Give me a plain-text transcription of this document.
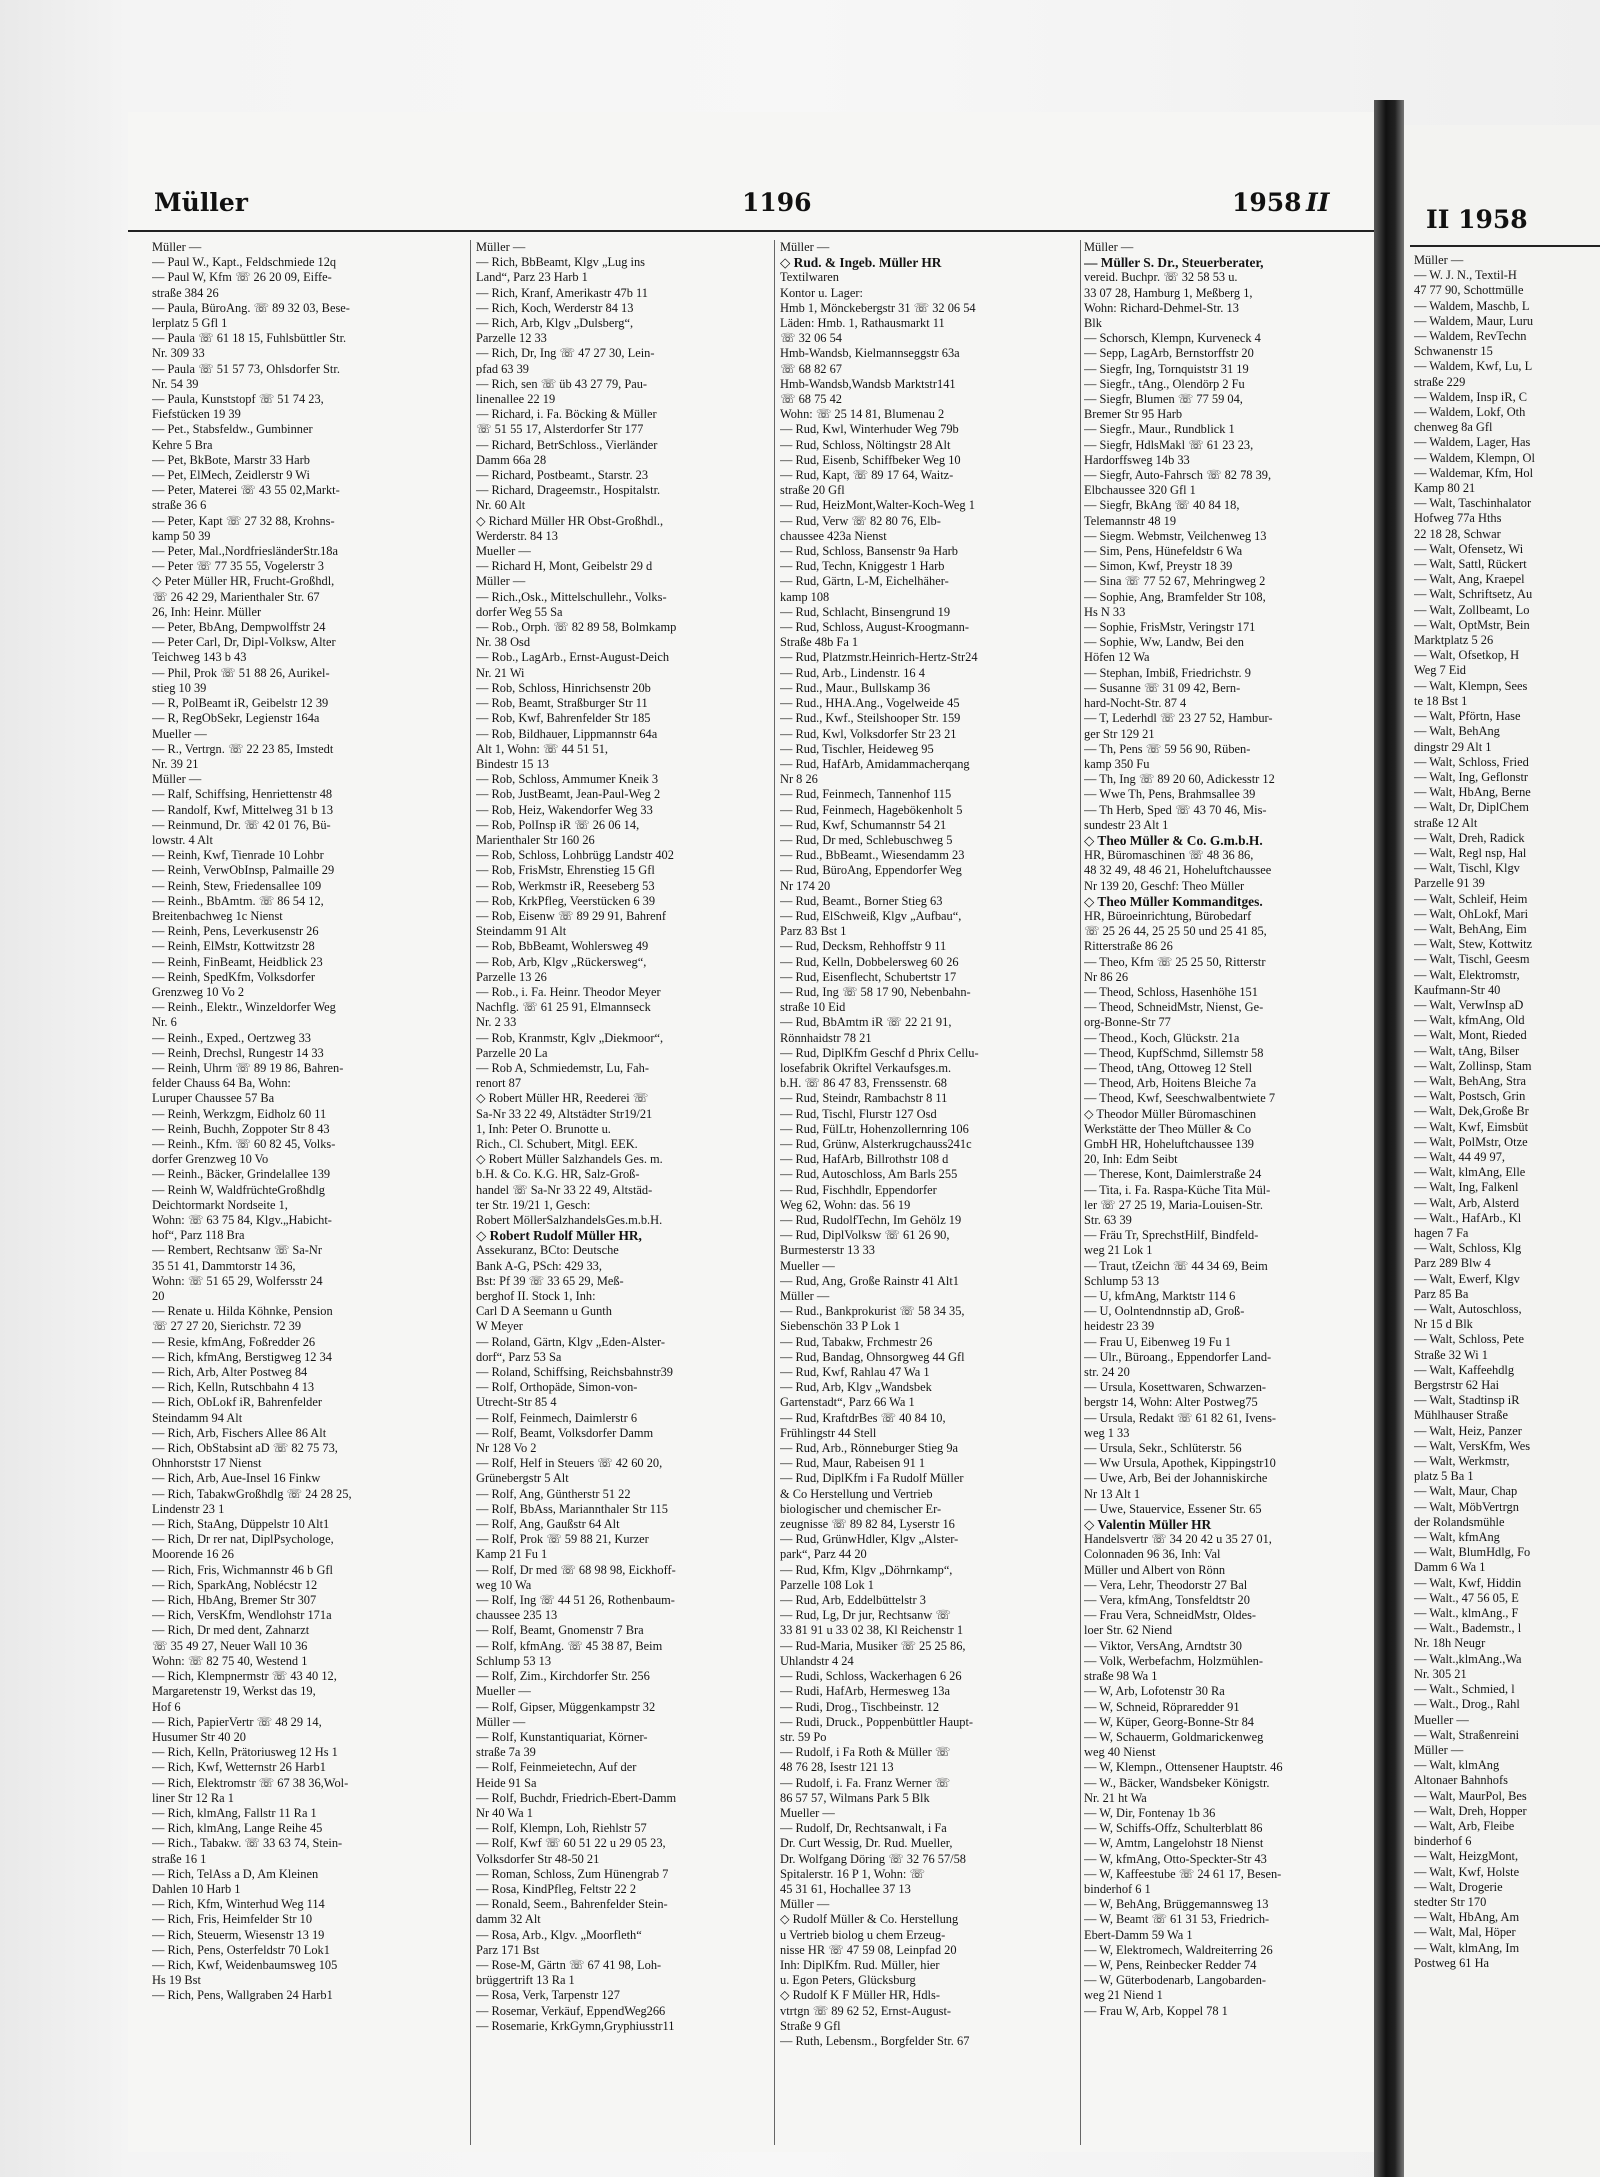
Müller	1196	1958 II
Müller —
— Paul W., Kapt., Feldschmiede 12q
— Paul W, Kfm ☏ 26 20 09, Eiffe-
straße 384 26
— Paula, BüroAng. ☏ 89 32 03, Bese-
lerplatz 5 Gfl 1
— Paula ☏ 61 18 15, Fuhlsbüttler Str.
Nr. 309 33
— Paula ☏ 51 57 73, Ohlsdorfer Str.
Nr. 54 39
— Paula, Kunststopf ☏ 51 74 23,
Fiefstücken 19 39
— Pet., Stabsfeldw., Gumbinner
Kehre 5 Bra
— Pet, BkBote, Marstr 33 Harb
— Pet, ElMech, Zeidlerstr 9 Wi
— Peter, Materei ☏ 43 55 02,Markt-
straße 36 6
— Peter, Kapt ☏ 27 32 88, Krohns-
kamp 50 39
— Peter, Mal.,NordfriesländerStr.18a
— Peter ☏ 77 35 55, Vogelerstr 3
◇ Peter Müller HR, Frucht-Großhdl,
☏ 26 42 29, Marienthaler Str. 67
26, Inh: Heinr. Müller
— Peter, BbAng, Dempwolffstr 24
— Peter Carl, Dr, Dipl-Volksw, Alter
Teichweg 143 b 43
— Phil, Prok ☏ 51 88 26, Aurikel-
stieg 10 39
— R, PolBeamt iR, Geibelstr 12 39
— R, RegObSekr, Legienstr 164a
Mueller —
— R., Vertrgn. ☏ 22 23 85, Imstedt
Nr. 39 21
Müller —
— Ralf, Schiffsing, Henriettenstr 48
— Randolf, Kwf, Mittelweg 31 b 13
— Reinmund, Dr. ☏ 42 01 76, Bü-
lowstr. 4 Alt
— Reinh, Kwf, Tienrade 10 Lohbr
— Reinh, VerwObInsp, Palmaille 29
— Reinh, Stew, Friedensallee 109
— Reinh., BbAmtm. ☏ 86 54 12,
Breitenbachweg 1c Nienst
— Reinh, Pens, Leverkusenstr 26
— Reinh, ElMstr, Kottwitzstr 28
— Reinh, FinBeamt, Heidblick 23
— Reinh, SpedKfm, Volksdorfer
Grenzweg 10 Vo 2
— Reinh., Elektr., Winzeldorfer Weg
Nr. 6
— Reinh., Exped., Oertzweg 33
— Reinh, Drechsl, Rungestr 14 33
— Reinh, Uhrm ☏ 89 19 86, Bahren-
felder Chauss 64 Ba, Wohn:
Luruper Chaussee 57 Ba
— Reinh, Werkzgm, Eidholz 60 11
— Reinh, Buchh, Zoppoter Str 8 43
— Reinh., Kfm. ☏ 60 82 45, Volks-
dorfer Grenzweg 10 Vo
— Reinh., Bäcker, Grindelallee 139
— Reinh W, WaldfrüchteGroßhdlg
Deichtormarkt Nordseite 1,
Wohn: ☏ 63 75 84, Klgv.„Habicht-
hof“, Parz 118 Bra
— Rembert, Rechtsanw ☏ Sa-Nr
35 51 41, Dammtorstr 14 36,
Wohn: ☏ 51 65 29, Wolfersstr 24
20
— Renate u. Hilda Köhnke, Pension
☏ 27 27 20, Sierichstr. 72 39
— Resie, kfmAng, Foßredder 26
— Rich, kfmAng, Berstigweg 12 34
— Rich, Arb, Alter Postweg 84
— Rich, Kelln, Rutschbahn 4 13
— Rich, ObLokf iR, Bahrenfelder
Steindamm 94 Alt
— Rich, Arb, Fischers Allee 86 Alt
— Rich, ObStabsint aD ☏ 82 75 73,
Ohnhorststr 17 Nienst
— Rich, Arb, Aue-Insel 16 Finkw
— Rich, TabakwGroßhdlg ☏ 24 28 25,
Lindenstr 23 1
— Rich, StaAng, Düppelstr 10 Alt1
— Rich, Dr rer nat, DiplPsychologe,
Moorende 16 26
— Rich, Fris, Wichmannstr 46 b Gfl
— Rich, SparkAng, Noblécstr 12
— Rich, HbAng, Bremer Str 307
— Rich, VersKfm, Wendlohstr 171a
— Rich, Dr med dent, Zahnarzt
☏ 35 49 27, Neuer Wall 10 36
Wohn: ☏ 82 75 40, Westend 1
— Rich, Klempnermstr ☏ 43 40 12,
Margaretenstr 19, Werkst das 19,
Hof 6
— Rich, PapierVertr ☏ 48 29 14,
Husumer Str 40 20
— Rich, Kelln, Prätoriusweg 12 Hs 1
— Rich, Kwf, Wetternstr 26 Harb1
— Rich, Elektromstr ☏ 67 38 36,Wol-
liner Str 12 Ra 1
— Rich, klmAng, Fallstr 11 Ra 1
— Rich, klmAng, Lange Reihe 45
— Rich., Tabakw. ☏ 33 63 74, Stein-
straße 16 1
— Rich, TelAss a D, Am Kleinen
Dahlen 10 Harb 1
— Rich, Kfm, Winterhud Weg 114
— Rich, Fris, Heimfelder Str 10
— Rich, Steuerm, Wiesenstr 13 19
— Rich, Pens, Osterfeldstr 70 Lok1
— Rich, Kwf, Weidenbaumsweg 105
Hs 19 Bst
— Rich, Pens, Wallgraben 24 Harb1
Müller —
— Rich, BbBeamt, Klgv „Lug ins
Land“, Parz 23 Harb 1
— Rich, Kranf, Amerikastr 47b 11
— Rich, Koch, Werderstr 84 13
— Rich, Arb, Klgv „Dulsberg“,
Parzelle 12 33
— Rich, Dr, Ing ☏ 47 27 30, Lein-
pfad 63 39
— Rich, sen ☏ üb 43 27 79, Pau-
linenallee 22 19
— Richard, i. Fa. Böcking & Müller
☏ 51 55 17, Alsterdorfer Str 177
— Richard, BetrSchloss., Vierländer
Damm 66a 28
— Richard, Postbeamt., Starstr. 23
— Richard, Drageemstr., Hospitalstr.
Nr. 60 Alt
◇ Richard Müller HR Obst-Großhdl.,
Werderstr. 84 13
Mueller —
— Richard H, Mont, Geibelstr 29 d
Müller —
— Rich.,Osk., Mittelschullehr., Volks-
dorfer Weg 55 Sa
— Rob., Orph. ☏ 82 89 58, Bolmkamp
Nr. 38 Osd
— Rob., LagArb., Ernst-August-Deich
Nr. 21 Wi
— Rob, Schloss, Hinrichsenstr 20b
— Rob, Beamt, Straßburger Str 11
— Rob, Kwf, Bahrenfelder Str 185
— Rob, Bildhauer, Lippmannstr 64a
Alt 1, Wohn: ☏ 44 51 51,
Bindestr 15 13
— Rob, Schloss, Ammumer Kneik 3
— Rob, JustBeamt, Jean-Paul-Weg 2
— Rob, Heiz, Wakendorfer Weg 33
— Rob, PolInsp iR ☏ 26 06 14,
Marienthaler Str 160 26
— Rob, Schloss, Lohbrügg Landstr 402
— Rob, FrisMstr, Ehrenstieg 15 Gfl
— Rob, Werkmstr iR, Reeseberg 53
— Rob, KrkPfleg, Veerstücken 6 39
— Rob, Eisenw ☏ 89 29 91, Bahrenf
Steindamm 91 Alt
— Rob, BbBeamt, Wohlersweg 49
— Rob, Arb, Klgv „Rückersweg“,
Parzelle 13 26
— Rob., i. Fa. Heinr. Theodor Meyer
Nachflg. ☏ 61 25 91, Elmannseck
Nr. 2 33
— Rob, Kranmstr, Kglv „Diekmoor“,
Parzelle 20 La
— Rob A, Schmiedemstr, Lu, Fah-
renort 87
◇ Robert Müller HR, Reederei ☏
Sa-Nr 33 22 49, Altstädter Str19/21
1, Inh: Peter O. Brunotte u.
Rich., Cl. Schubert, Mitgl. EEK.
◇ Robert Müller Salzhandels Ges. m.
b.H. & Co. K.G. HR, Salz-Groß-
handel ☏ Sa-Nr 33 22 49, Altstäd-
ter Str. 19/21 1, Gesch:
Robert MöllerSalzhandelsGes.m.b.H.
◇ Robert Rudolf Müller HR,
Assekuranz, BCto: Deutsche
Bank A-G, PSch: 429 33,
Bst: Pf 39 ☏ 33 65 29, Meß-
berghof II. Stock 1, Inh:
Carl D A Seemann u Gunth
W Meyer
— Roland, Gärtn, Klgv „Eden-Alster-
dorf“, Parz 53 Sa
— Roland, Schiffsing, Reichsbahnstr39
— Rolf, Orthopäde, Simon-von-
Utrecht-Str 85 4
— Rolf, Feinmech, Daimlerstr 6
— Rolf, Beamt, Volksdorfer Damm
Nr 128 Vo 2
— Rolf, Helf in Steuers ☏ 42 60 20,
Grünebergstr 5 Alt
— Rolf, Ang, Güntherstr 51 22
— Rolf, BbAss, Mariannthaler Str 115
— Rolf, Ang, Gaußstr 64 Alt
— Rolf, Prok ☏ 59 88 21, Kurzer
Kamp 21 Fu 1
— Rolf, Dr med ☏ 68 98 98, Eickhoff-
weg 10 Wa
— Rolf, Ing ☏ 44 51 26, Rothenbaum-
chaussee 235 13
— Rolf, Beamt, Gnomenstr 7 Bra
— Rolf, kfmAng. ☏ 45 38 87, Beim
Schlump 53 13
— Rolf, Zim., Kirchdorfer Str. 256
Mueller —
— Rolf, Gipser, Müggenkampstr 32
Müller —
— Rolf, Kunstantiquariat, Körner-
straße 7a 39
— Rolf, Feinmeietechn, Auf der
Heide 91 Sa
— Rolf, Buchdr, Friedrich-Ebert-Damm
Nr 40 Wa 1
— Rolf, Klempn, Loh, Riehlstr 57
— Rolf, Kwf ☏ 60 51 22 u 29 05 23,
Volksdorfer Str 48-50 21
— Roman, Schloss, Zum Hünengrab 7
— Rosa, KindPfleg, Feltstr 22 2
— Ronald, Seem., Bahrenfelder Stein-
damm 32 Alt
— Rosa, Arb., Klgv. „Moorfleth“
Parz 171 Bst
— Rose-M, Gärtn ☏ 67 41 98, Loh-
brüggertrift 13 Ra 1
— Rosa, Verk, Tarpenstr 127
— Rosemar, Verkäuf, EppendWeg266
— Rosemarie, KrkGymn,Gryphiusstr11
Müller —
◇ Rud. & Ingeb. Müller HR
Textilwaren
Kontor u. Lager:
Hmb 1, Mönckebergstr 31 ☏ 32 06 54
Läden: Hmb. 1, Rathausmarkt 11
☏ 32 06 54
Hmb-Wandsb, Kielmannseggstr 63a
☏ 68 82 67
Hmb-Wandsb,Wandsb Marktstr141
☏ 68 75 42
Wohn: ☏ 25 14 81, Blumenau 2
— Rud, Kwl, Winterhuder Weg 79b
— Rud, Schloss, Nöltingstr 28 Alt
— Rud, Eisenb, Schiffbeker Weg 10
— Rud, Kapt, ☏ 89 17 64, Waitz-
straße 20 Gfl
— Rud, HeizMont,Walter-Koch-Weg 1
— Rud, Verw ☏ 82 80 76, Elb-
chaussee 423a Nienst
— Rud, Schloss, Bansenstr 9a Harb
— Rud, Techn, Kniggestr 1 Harb
— Rud, Gärtn, L-M, Eichelhäher-
kamp 108
— Rud, Schlacht, Binsengrund 19
— Rud, Schloss, August-Kroogmann-
Straße 48b Fa 1
— Rud, Platzmstr.Heinrich-Hertz-Str24
— Rud, Arb., Lindenstr. 16 4
— Rud., Maur., Bullskamp 36
— Rud., HHA.Ang., Vogelweide 45
— Rud., Kwf., Steilshooper Str. 159
— Rud, Kwl, Volksdorfer Str 23 21
— Rud, Tischler, Heideweg 95
— Rud, HafArb, Amidammacherqang
Nr 8 26
— Rud, Feinmech, Tannenhof 115
— Rud, Feinmech, Hagebökenholt 5
— Rud, Kwf, Schumannstr 54 21
— Rud, Dr med, Schlebuschweg 5
— Rud., BbBeamt., Wiesendamm 23
— Rud, BüroAng, Eppendorfer Weg
Nr 174 20
— Rud, Beamt., Borner Stieg 63
— Rud, ElSchweiß, Klgv „Aufbau“,
Parz 83 Bst 1
— Rud, Decksm, Rehhoffstr 9 11
— Rud, Kelln, Dobbelersweg 60 26
— Rud, Eisenflecht, Schubertstr 17
— Rud, Ing ☏ 58 17 90, Nebenbahn-
straße 10 Eid
— Rud, BbAmtm iR ☏ 22 21 91,
Rönnhaidstr 78 21
— Rud, DiplKfm Geschf d Phrix Cellu-
losefabrik Okriftel Verkaufsges.m.
b.H. ☏ 86 47 83, Frenssenstr. 68
— Rud, Steindr, Rambachstr 8 11
— Rud, Tischl, Flurstr 127 Osd
— Rud, FülLtr, Hohenzollernring 106
— Rud, Grünw, Alsterkrugchauss241c
— Rud, HafArb, Billrothstr 108 d
— Rud, Autoschloss, Am Barls 255
— Rud, Fischhdlr, Eppendorfer
Weg 62, Wohn: das. 56 19
— Rud, RudolfTechn, Im Gehölz 19
— Rud, DiplVolksw ☏ 61 26 90,
Burmesterstr 13 33
Mueller —
— Rud, Ang, Große Rainstr 41 Alt1
Müller —
— Rud., Bankprokurist ☏ 58 34 35,
Siebenschön 33 P Lok 1
— Rud, Tabakw, Frchmestr 26
— Rud, Bandag, Ohnsorgweg 44 Gfl
— Rud, Kwf, Rahlau 47 Wa 1
— Rud, Arb, Klgv „Wandsbek
Gartenstadt“, Parz 66 Wa 1
— Rud, KraftdrBes ☏ 40 84 10,
Frühlingstr 44 Stell
— Rud, Arb., Rönneburger Stieg 9a
— Rud, Maur, Rabeisen 91 1
— Rud, DiplKfm i Fa Rudolf Müller
& Co Herstellung und Vertrieb
biologischer und chemischer Er-
zeugnisse ☏ 89 82 84, Lyserstr 16
— Rud, GrünwHdler, Klgv „Alster-
park“, Parz 44 20
— Rud, Kfm, Klgv „Döhrnkamp“,
Parzelle 108 Lok 1
— Rud, Arb, Eddelbüttelstr 3
— Rud, Lg, Dr jur, Rechtsanw ☏
33 81 91 u 33 02 38, Kl Reichenstr 1
— Rud-Maria, Musiker ☏ 25 25 86,
Uhlandstr 4 24
— Rudi, Schloss, Wackerhagen 6 26
— Rudi, HafArb, Hermesweg 13a
— Rudi, Drog., Tischbeinstr. 12
— Rudi, Druck., Poppenbüttler Haupt-
str. 59 Po
— Rudolf, i Fa Roth & Müller ☏
48 76 28, Isestr 121 13
— Rudolf, i. Fa. Franz Werner ☏
86 57 57, Wilmans Park 5 Blk
Mueller —
— Rudolf, Dr, Rechtsanwalt, i Fa
Dr. Curt Wessig, Dr. Rud. Mueller,
Dr. Wolfgang Döring ☏ 32 76 57/58
Spitalerstr. 16 P 1, Wohn: ☏
45 31 61, Hochallee 37 13
Müller —
◇ Rudolf Müller & Co. Herstellung
u Vertrieb biolog u chem Erzeug-
nisse HR ☏ 47 59 08, Leinpfad 20
Inh: DiplKfm. Rud. Müller, hier
u. Egon Peters, Glücksburg
◇ Rudolf K F Müller HR, Hdls-
vtrtgn ☏ 89 62 52, Ernst-August-
Straße 9 Gfl
— Ruth, Lebensm., Borgfelder Str. 67
Müller —
— Müller S. Dr., Steuerberater,
vereid. Buchpr. ☏ 32 58 53 u.
33 07 28, Hamburg 1, Meßberg 1,
Wohn: Richard-Dehmel-Str. 13
Blk
— Schorsch, Klempn, Kurveneck 4
— Sepp, LagArb, Bernstorffstr 20
— Siegfr, Ing, Tornquiststr 31 19
— Siegfr., tAng., Olendörp 2 Fu
— Siegfr, Blumen ☏ 77 59 04,
Bremer Str 95 Harb
— Siegfr., Maur., Rundblick 1
— Siegfr, HdlsMakl ☏ 61 23 23,
Hardorffsweg 14b 33
— Siegfr, Auto-Fahrsch ☏ 82 78 39,
Elbchaussee 320 Gfl 1
— Siegfr, BkAng ☏ 40 84 18,
Telemannstr 48 19
— Siegm. Webmstr, Veilchenweg 13
— Sim, Pens, Hünefeldstr 6 Wa
— Simon, Kwf, Preystr 18 39
— Sina ☏ 77 52 67, Mehringweg 2
— Sophie, Ang, Bramfelder Str 108,
Hs N 33
— Sophie, FrisMstr, Veringstr 171
— Sophie, Ww, Landw, Bei den
Höfen 12 Wa
— Stephan, Imbiß, Friedrichstr. 9
— Susanne ☏ 31 09 42, Bern-
hard-Nocht-Str. 87 4
— T, Lederhdl ☏ 23 27 52, Hambur-
ger Str 129 21
— Th, Pens ☏ 59 56 90, Rüben-
kamp 350 Fu
— Th, Ing ☏ 89 20 60, Adickesstr 12
— Wwe Th, Pens, Brahmsallee 39
— Th Herb, Sped ☏ 43 70 46, Mis-
sundestr 23 Alt 1
◇ Theo Müller & Co. G.m.b.H.
HR, Büromaschinen ☏ 48 36 86,
48 32 49, 48 46 21, Hoheluftchaussee
Nr 139 20, Geschf: Theo Müller
◇ Theo Müller Kommanditges.
HR, Büroeinrichtung, Bürobedarf
☏ 25 26 44, 25 25 50 und 25 41 85,
Ritterstraße 86 26
— Theo, Kfm ☏ 25 25 50, Ritterstr
Nr 86 26
— Theod, Schloss, Hasenhöhe 151
— Theod, SchneidMstr, Nienst, Ge-
org-Bonne-Str 77
— Theod., Koch, Glückstr. 21a
— Theod, KupfSchmd, Sillemstr 58
— Theod, tAng, Ottoweg 12 Stell
— Theod, Arb, Hoitens Bleiche 7a
— Theod, Kwf, Seeschwalbentwiete 7
◇ Theodor Müller Büromaschinen
Werkstätte der Theo Müller & Co
GmbH HR, Hoheluftchaussee 139
20, Inh: Edm Seibt
— Therese, Kont, Daimlerstraße 24
— Tita, i. Fa. Raspa-Küche Tita Mül-
ler ☏ 27 25 19, Maria-Louisen-Str.
Str. 63 39
— Fräu Tr, SprechstHilf, Bindfeld-
weg 21 Lok 1
— Traut, tZeichn ☏ 44 34 69, Beim
Schlump 53 13
— U, kfmAng, Marktstr 114 6
— U, Oolntendnnstip aD, Groß-
heidestr 23 39
— Frau U, Eibenweg 19 Fu 1
— Ulr., Büroang., Eppendorfer Land-
str. 24 20
— Ursula, Kosettwaren, Schwarzen-
bergstr 14, Wohn: Alter Postweg75
— Ursula, Redakt ☏ 61 82 61, Ivens-
weg 1 33
— Ursula, Sekr., Schlüterstr. 56
— Ww Ursula, Apothek, Kippingstr10
— Uwe, Arb, Bei der Johanniskirche
Nr 13 Alt 1
— Uwe, Stauervice, Essener Str. 65
◇ Valentin Müller HR
Handelsvertr ☏ 34 20 42 u 35 27 01,
Colonnaden 96 36, Inh: Val
Müller und Albert von Rönn
— Vera, Lehr, Theodorstr 27 Bal
— Vera, kfmAng, Tonsfeldtstr 20
— Frau Vera, SchneidMstr, Oldes-
loer Str. 62 Niend
— Viktor, VersAng, Arndtstr 30
— Volk, Werbefachm, Holzmühlen-
straße 98 Wa 1
— W, Arb, Lofotenstr 30 Ra
— W, Schneid, Röpraredder 91
— W, Küper, Georg-Bonne-Str 84
— W, Schauerm, Goldmarickenweg
weg 40 Nienst
— W, Klempn., Ottensener Hauptstr. 46
— W., Bäcker, Wandsbeker Königstr.
Nr. 21 ht Wa
— W, Dir, Fontenay 1b 36
— W, Schiffs-Offz, Schulterblatt 86
— W, Amtm, Langelohstr 18 Nienst
— W, kfmAng, Otto-Speckter-Str 43
— W, Kaffeestube ☏ 24 61 17, Besen-
binderhof 6 1
— W, BehAng, Brüggemannsweg 13
— W, Beamt ☏ 61 31 53, Friedrich-
Ebert-Damm 59 Wa 1
— W, Elektromech, Waldreiterring 26
— W, Pens, Reinbecker Redder 74
— W, Güterbodenarb, Langobarden-
weg 21 Niend 1
— Frau W, Arb, Koppel 78 1
II 1958
Müller —
— W. J. N., Textil-H
47 77 90, Schottmülle
— Waldem, Maschb, L
— Waldem, Maur, Luru
— Waldem, RevTechn
Schwanenstr 15
— Waldem, Kwf, Lu, L
straße 229
— Waldem, Insp iR, C
— Waldem, Lokf, Oth
chenweg 8a Gfl
— Waldem, Lager, Has
— Waldem, Klempn, Ol
— Waldemar, Kfm, Hol
Kamp 80 21
— Walt, Taschinhalator
Hofweg 77a Hths
22 18 28, Schwar
— Walt, Ofensetz, Wi
— Walt, Sattl, Rückert
— Walt, Ang, Kraepel
— Walt, Schriftsetz, Au
— Walt, Zollbeamt, Lo
— Walt, OptMstr, Bein
Marktplatz 5 26
— Walt, Ofsetkop, H
Weg 7 Eid
— Walt, Klempn, Sees
te 18 Bst 1
— Walt, Pförtn, Hase
— Walt, BehAng
dingstr 29 Alt 1
— Walt, Schloss, Fried
— Walt, Ing, Geflonstr
— Walt, HbAng, Berne
— Walt, Dr, DiplChem
straße 12 Alt
— Walt, Dreh, Radick
— Walt, Regl nsp, Hal
— Walt, Tischl, Klgv
Parzelle 91 39
— Walt, Schleif, Heim
— Walt, OhLokf, Mari
— Walt, BehAng, Eim
— Walt, Stew, Kottwitz
— Walt, Tischl, Geesm
— Walt, Elektromstr,
Kaufmann-Str 40
— Walt, VerwInsp aD
— Walt, kfmAng, Old
— Walt, Mont, Rieded
— Walt, tAng, Bilser
— Walt, Zollinsp, Stam
— Walt, BehAng, Stra
— Walt, Postsch, Grin
— Walt, Dek,Große Br
— Walt, Kwf, Eimsbüt
— Walt, PolMstr, Otze
— Walt, 44 49 97,
— Walt, klmAng, Elle
— Walt, Ing, Falkenl
— Walt, Arb, Alsterd
— Walt., HafArb., Kl
hagen 7 Fa
— Walt, Schloss, Klg
Parz 289 Blw 4
— Walt, Ewerf, Klgv
Parz 85 Ba
— Walt, Autoschloss,
Nr 15 d Blk
— Walt, Schloss, Pete
Straße 32 Wi 1
— Walt, Kaffeehdlg
Bergstrstr 62 Hai
— Walt, Stadtinsp iR
Mühlhauser Straße
— Walt, Heiz, Panzer
— Walt, VersKfm, Wes
— Walt, Werkmstr,
platz 5 Ba 1
— Walt, Maur, Chap
— Walt, MöbVertrgn
der Rolandsmühle
— Walt, kfmAng
— Walt, BlumHdlg, Fo
Damm 6 Wa 1
— Walt, Kwf, Hiddin
— Walt., 47 56 05, E
— Walt., klmAng., F
— Walt., Bademstr., l
Nr. 18h Neugr
— Walt.,klmAng.,Wa
Nr. 305 21
— Walt., Schmied, l
— Walt., Drog., Rahl
Mueller —
— Walt, Straßenreini
Müller —
— Walt, klmAng
Altonaer Bahnhofs
— Walt, MaurPol, Bes
— Walt, Dreh, Hopper
— Walt, Arb, Fleibe
binderhof 6
— Walt, HeizgMont,
— Walt, Kwf, Holste
— Walt, Drogerie
stedter Str 170
— Walt, HbAng, Am
— Walt, Mal, Höper
— Walt, klmAng, Im
Postweg 61 Ha
